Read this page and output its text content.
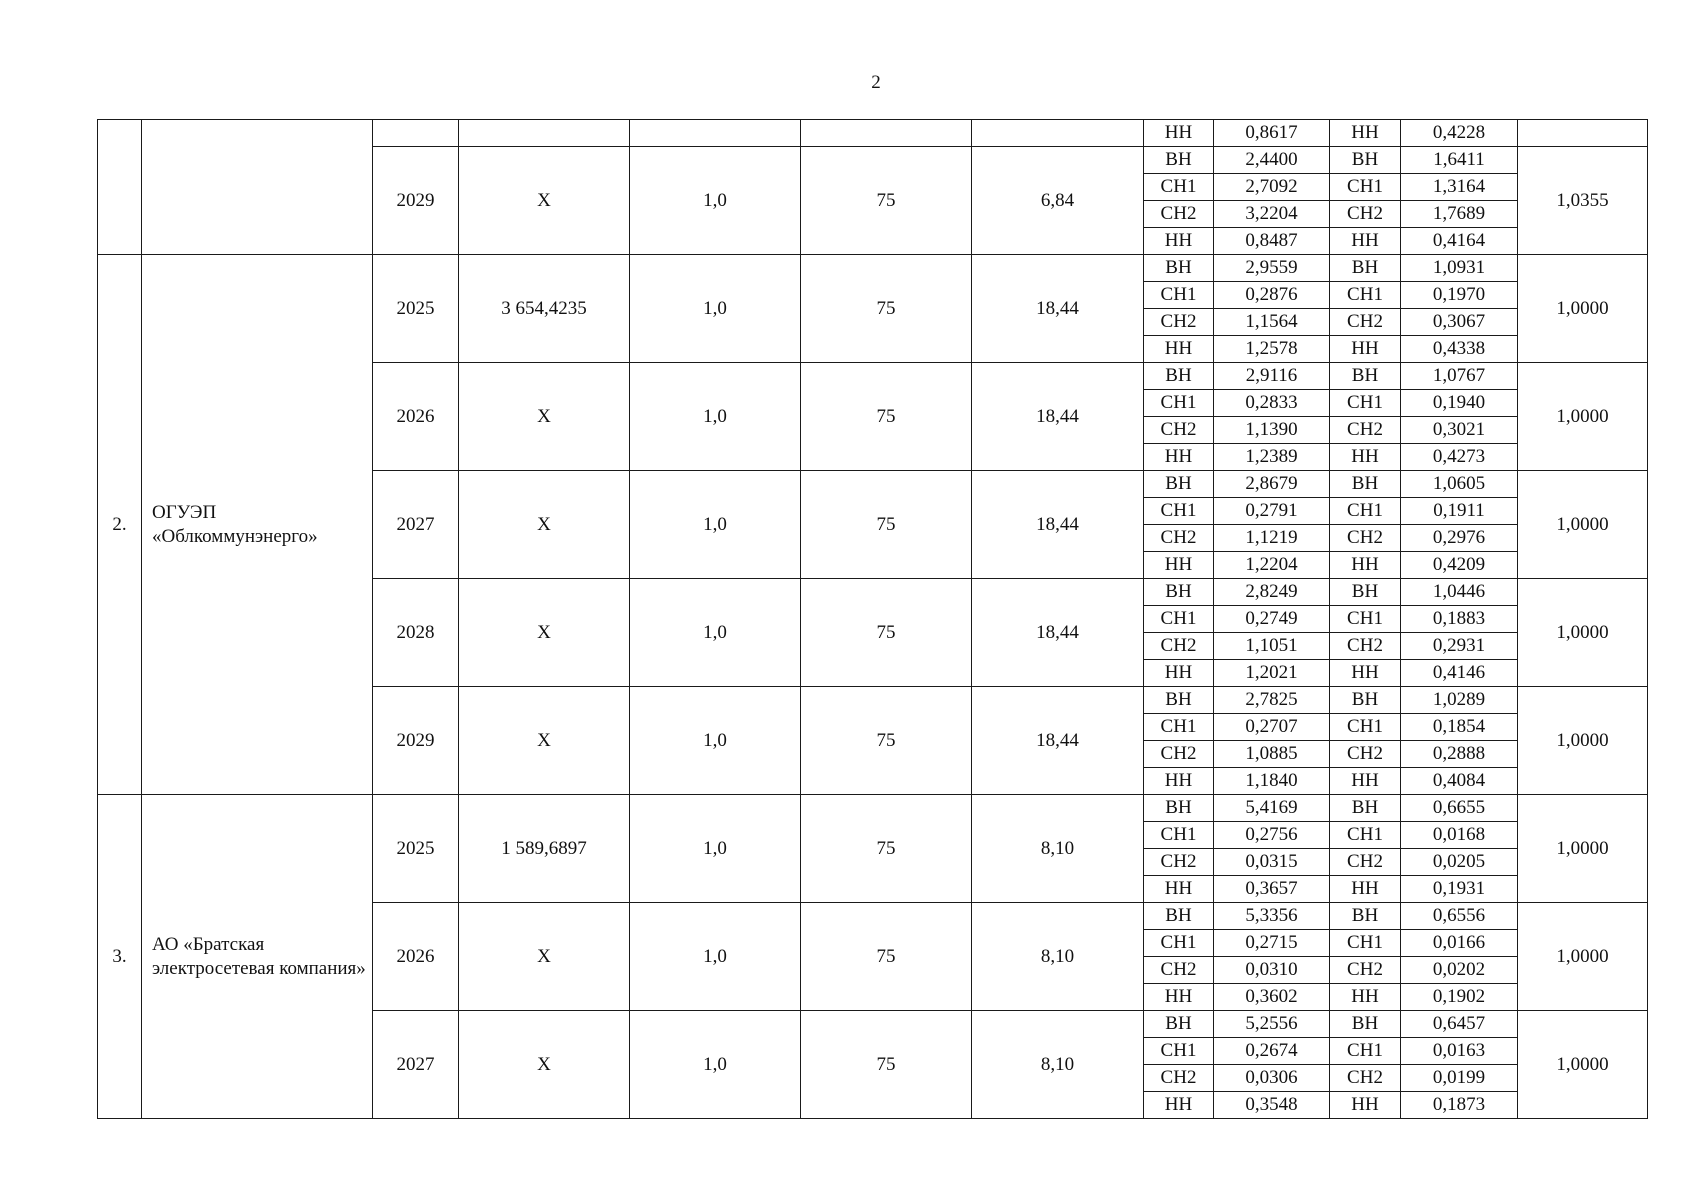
2
							НН	0,8617	НН	0,4228	
		2029	Х	1,0	75	6,84	ВН	2,4400	ВН	1,6411	1,0355
							СН1	2,7092	СН1	1,3164	
							СН2	3,2204	СН2	1,7689	
							НН	0,8487	НН	0,4164	
2.	ОГУЭП «Облкоммунэнерго»	2025	3 654,4235	1,0	75	18,44	ВН	2,9559	ВН	1,0931	1,0000
							СН1	0,2876	СН1	0,1970	
							СН2	1,1564	СН2	0,3067	
							НН	1,2578	НН	0,4338	
		2026	Х	1,0	75	18,44	ВН	2,9116	ВН	1,0767	1,0000
							СН1	0,2833	СН1	0,1940	
							СН2	1,1390	СН2	0,3021	
							НН	1,2389	НН	0,4273	
		2027	Х	1,0	75	18,44	ВН	2,8679	ВН	1,0605	1,0000
							СН1	0,2791	СН1	0,1911	
							СН2	1,1219	СН2	0,2976	
							НН	1,2204	НН	0,4209	
		2028	Х	1,0	75	18,44	ВН	2,8249	ВН	1,0446	1,0000
							СН1	0,2749	СН1	0,1883	
							СН2	1,1051	СН2	0,2931	
							НН	1,2021	НН	0,4146	
		2029	Х	1,0	75	18,44	ВН	2,7825	ВН	1,0289	1,0000
							СН1	0,2707	СН1	0,1854	
							СН2	1,0885	СН2	0,2888	
							НН	1,1840	НН	0,4084	
3.	АО «Братская электросетевая компания»	2025	1 589,6897	1,0	75	8,10	ВН	5,4169	ВН	0,6655	1,0000
							СН1	0,2756	СН1	0,0168	
							СН2	0,0315	СН2	0,0205	
							НН	0,3657	НН	0,1931	
		2026	Х	1,0	75	8,10	ВН	5,3356	ВН	0,6556	1,0000
							СН1	0,2715	СН1	0,0166	
							СН2	0,0310	СН2	0,0202	
							НН	0,3602	НН	0,1902	
		2027	Х	1,0	75	8,10	ВН	5,2556	ВН	0,6457	1,0000
							СН1	0,2674	СН1	0,0163	
							СН2	0,0306	СН2	0,0199	
							НН	0,3548	НН	0,1873	
